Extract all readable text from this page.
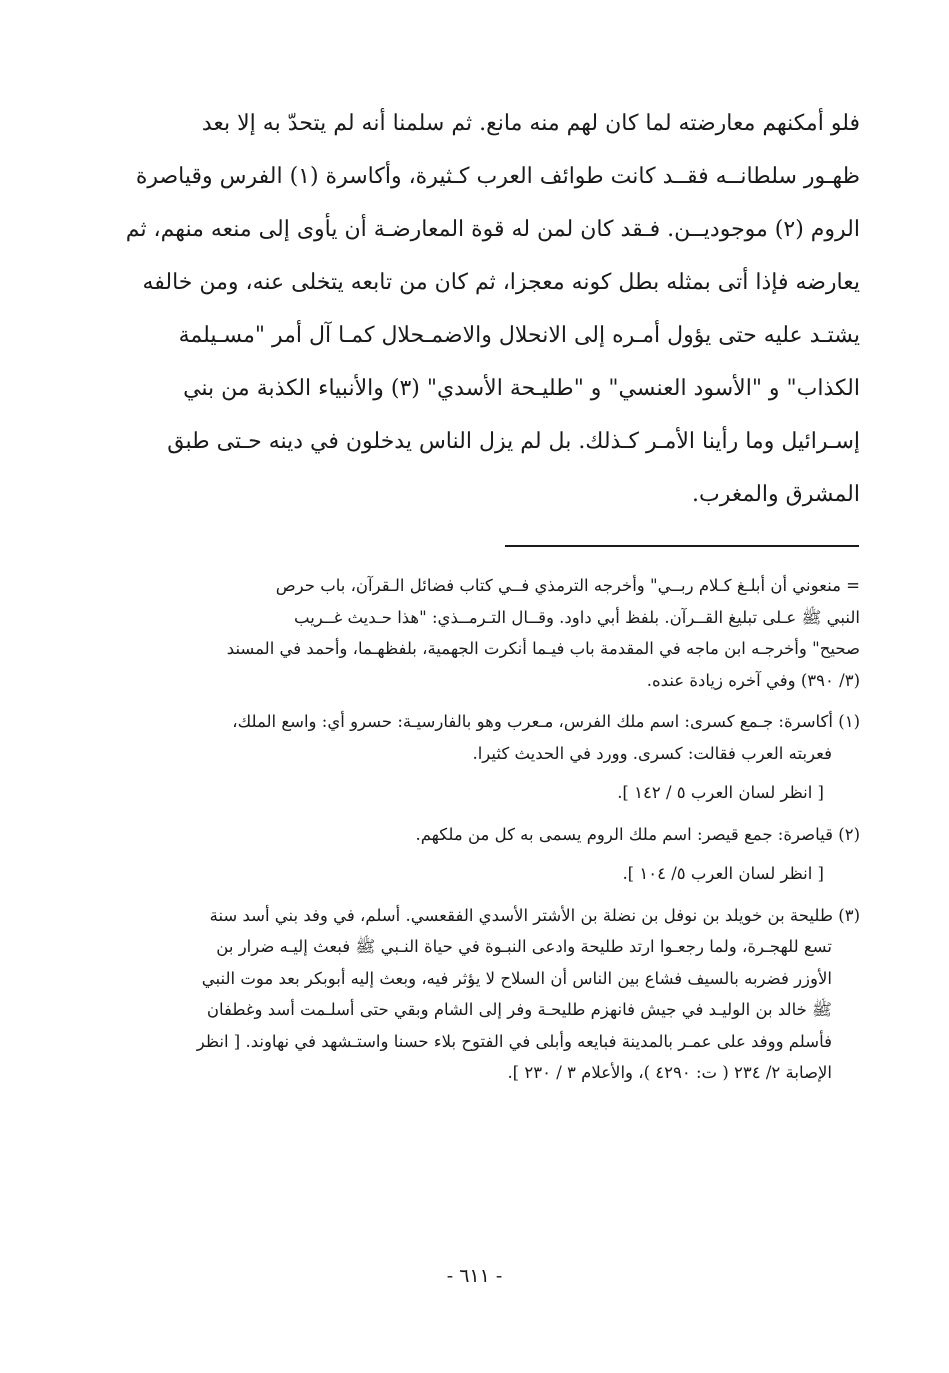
فلو أمكنهم معارضته لما كان لهم منه مانع. ثم سلمنا أنه لم يتحدّ به إلا بعد
ظهـور سلطانــه فقــد كانت طوائف العرب كـثيرة، وأكاسرة (١) الفرس وقياصرة
الروم (٢) موجوديــن. فـقد كان لمن له قوة المعارضـة أن يأوى إلى منعه منهم، ثم
يعارضه فإذا أتى بمثله بطل كونه معجزا، ثم كان من تابعه يتخلى عنه، ومن خالفه
يشتـد عليه حتى يؤول أمـره إلى الانحلال والاضمـحلال كمـا آل أمر "مسـيلمة
الكذاب" و "الأسود العنسي" و "طليـحة الأسدي" (٣) والأنبياء الكذبة من بني
إسـرائيل وما رأينا الأمـر كـذلك. بل لم يزل الناس يدخلون في دينه حـتى طبق
المشرق والمغرب.

= منعوني أن أبلـغ كـلام ربــي" وأخرجه الترمذي فــي كتاب فضائل الـقرآن، باب حرص
النبي ﷺ عـلى تبليغ القــرآن. بلفظ أبي داود. وقــال التـرمــذي: "هذا حـديث غــريب
صحيح" وأخرجـه ابن ماجه في المقدمة باب فيـما أنكرت الجهمية، بلفظهـما، وأحمد في المسند
(٣/ ٣٩٠) وفي آخره زيادة عنده.

(١) أكاسرة: جـمع كسرى: اسم ملك الفرس، مـعرب وهو بالفارسيـة: حسرو أي: واسع الملك،
فعربته العرب فقالت: كسرى. وورد في الحديث كثيرا.

[ انظر لسان العرب ٥ / ١٤٢ ].

(٢) قياصرة: جمع قيصر: اسم ملك الروم يسمى به كل من ملكهم.

[ انظر لسان العرب ٥/ ١٠٤ ].

(٣) طليحة بن خويلد بن نوفل بن نضلة بن الأشتر الأسدي الفقعسي. أسلم، في وفد بني أسد سنة
تسع للهجـرة، ولما رجعـوا ارتد طليحة وادعى النبـوة في حياة النـبي ﷺ فبعث إليـه ضرار بن
الأوزر فضربه بالسيف فشاع بين الناس أن السلاح لا يؤثر فيه، وبعث إليه أبوبكر بعد موت النبي
ﷺ خالد بن الوليـد في جيش فانهزم طليحـة وفر إلى الشام وبقي حتى أسلـمت أسد وغطفان
فأسلم ووفد على عمـر بالمدينة فبايعه وأبلى في الفتوح بلاء حسنا واستـشهد في نهاوند. [ انظر
الإصابة ٢/ ٢٣٤ ( ت: ٤٢٩٠ )، والأعلام ٣ / ٢٣٠ ].

- ٦١١ -
